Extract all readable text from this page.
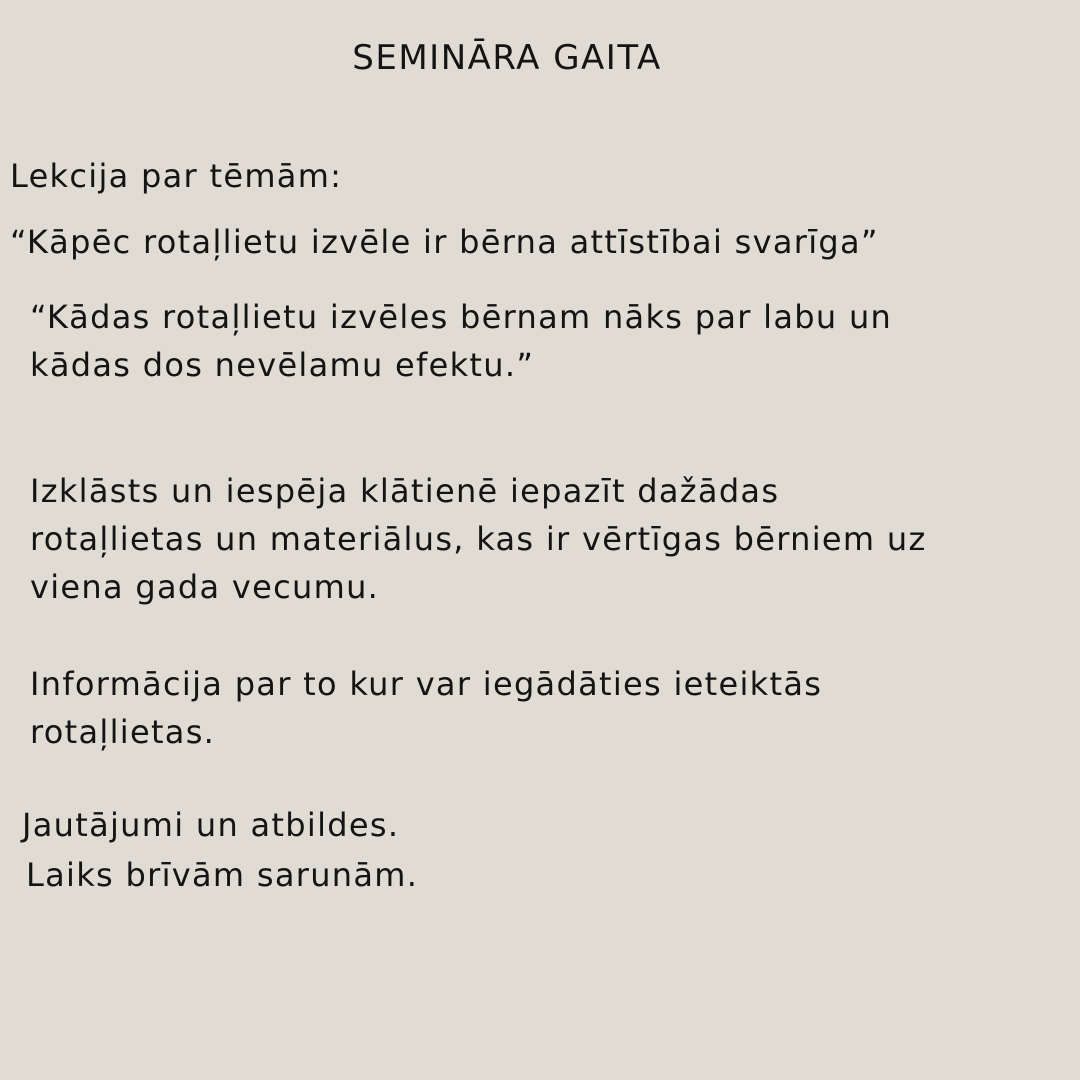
SEMINĀRA GAITA
Lekcija par tēmām:
“Kāpēc rotaļlietu izvēle ir bērna attīstībai svarīga”
“Kādas rotaļlietu izvēles bērnam nāks par labu un
kādas dos nevēlamu efektu.”
Izklāsts un iespēja klātienē iepazīt dažādas
rotaļlietas un materiālus, kas ir vērtīgas bērniem uz
viena gada vecumu.
Informācija par to kur var iegādāties ieteiktās
rotaļlietas.
Jautājumi un atbildes.
Laiks brīvām sarunām.
